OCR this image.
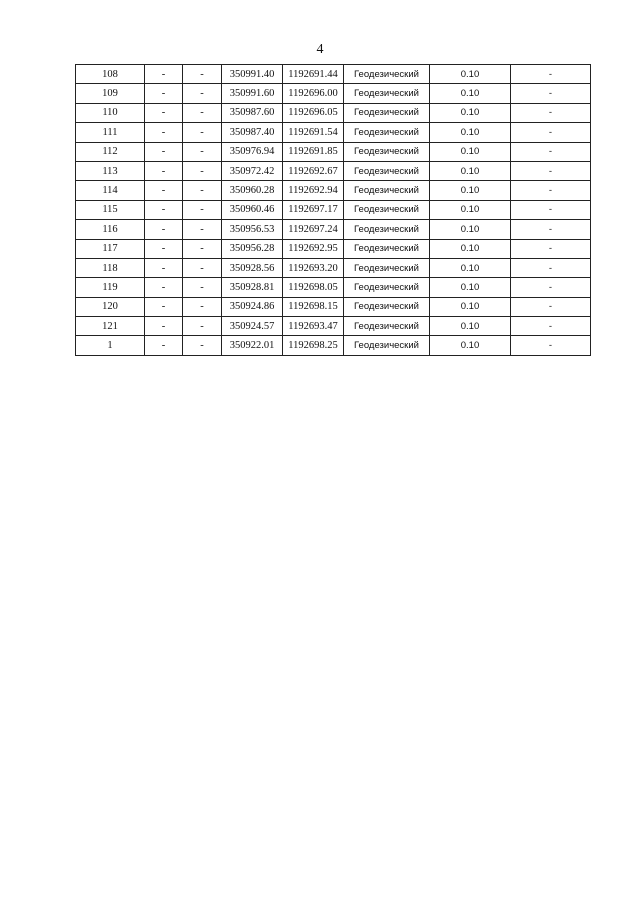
4
108	-	-	350991.40	1192691.44	Геодезический	0.10	-
109	-	-	350991.60	1192696.00	Геодезический	0.10	-
110	-	-	350987.60	1192696.05	Геодезический	0.10	-
111	-	-	350987.40	1192691.54	Геодезический	0.10	-
112	-	-	350976.94	1192691.85	Геодезический	0.10	-
113	-	-	350972.42	1192692.67	Геодезический	0.10	-
114	-	-	350960.28	1192692.94	Геодезический	0.10	-
115	-	-	350960.46	1192697.17	Геодезический	0.10	-
116	-	-	350956.53	1192697.24	Геодезический	0.10	-
117	-	-	350956.28	1192692.95	Геодезический	0.10	-
118	-	-	350928.56	1192693.20	Геодезический	0.10	-
119	-	-	350928.81	1192698.05	Геодезический	0.10	-
120	-	-	350924.86	1192698.15	Геодезический	0.10	-
121	-	-	350924.57	1192693.47	Геодезический	0.10	-
1	-	-	350922.01	1192698.25	Геодезический	0.10	-
